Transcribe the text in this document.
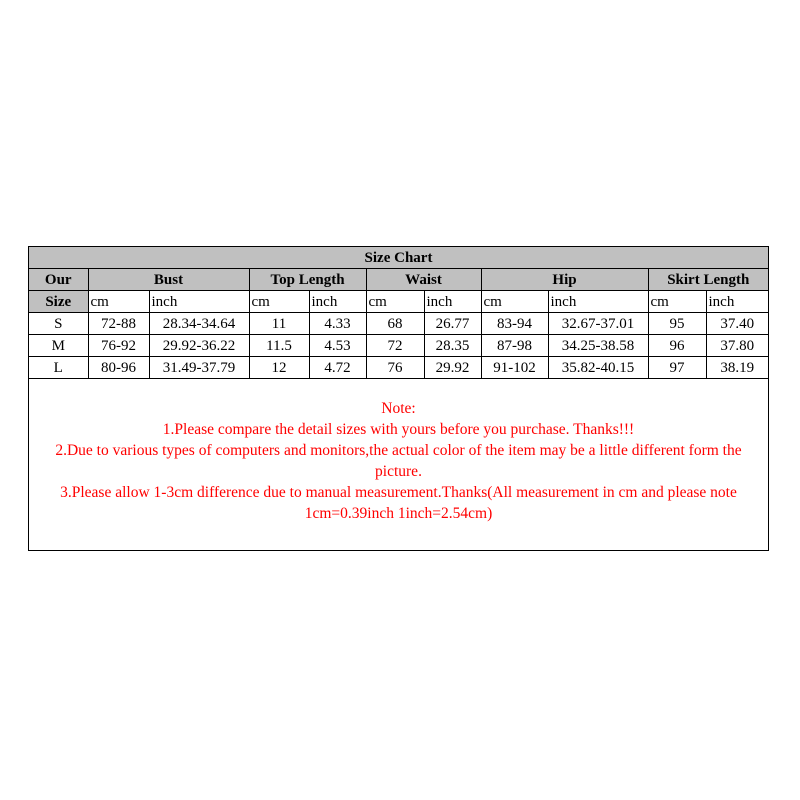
Size Chart										
Our	Bust		Top Length		Waist		Hip		Skirt Length	
Size	cm	inch	cm	inch	cm	inch	cm	inch	cm	inch
S	72-88	28.34-34.64	11	4.33	68	26.77	83-94	32.67-37.01	95	37.40
M	76-92	29.92-36.22	11.5	4.53	72	28.35	87-98	34.25-38.58	96	37.80
L	80-96	31.49-37.79	12	4.72	76	29.92	91-102	35.82-40.15	97	38.19
Note:
1.Please compare the detail sizes with yours before you purchase. Thanks!!!
2.Due to various types of computers and monitors,the actual color of the item may be a little different form the picture.
3.Please allow 1-3cm difference due to manual measurement.Thanks(All measurement in cm and please note 1cm=0.39inch 1inch=2.54cm)
